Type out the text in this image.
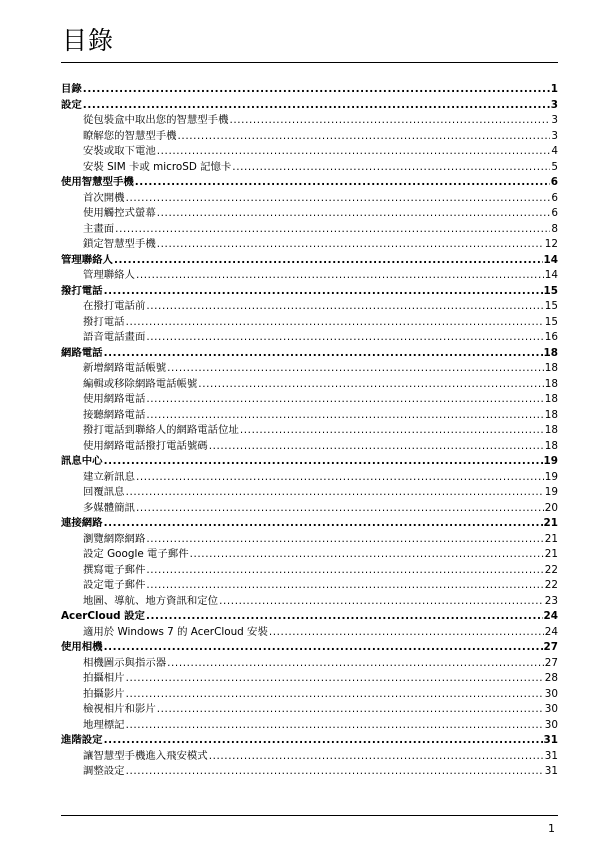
目錄
目錄 .....	1
設定 .....	3
從包裝盒中取出您的智慧型手機 .....	3
瞭解您的智慧型手機 .....	3
安裝或取下電池 .....	4
安裝 SIM 卡或 microSD 記憶卡 .....	5
使用智慧型手機 .....	6
首次開機 .....	6
使用觸控式螢幕 .....	6
主畫面 .....	8
鎖定智慧型手機 .....	12
管理聯絡人 .....	14
管理聯絡人 .....	14
撥打電話 .....	15
在撥打電話前 .....	15
撥打電話 .....	15
語音電話畫面 .....	16
網路電話 .....	18
新增網路電話帳號 .....	18
編輯或移除網路電話帳號 .....	18
使用網路電話 .....	18
接聽網路電話 .....	18
撥打電話到聯絡人的網路電話位址 .....	18
使用網路電話撥打電話號碼 .....	18
訊息中心 .....	19
建立新訊息 .....	19
回覆訊息 .....	19
多媒體簡訊 .....	20
連接網路 .....	21
瀏覽網際網路 .....	21
設定 Google 電子郵件 .....	21
撰寫電子郵件 .....	22
設定電子郵件 .....	22
地圖、導航、地方資訊和定位 .....	23
AcerCloud 設定 .....	24
適用於 Windows 7 的 AcerCloud 安裝 .....	24
使用相機 .....	27
相機圖示與指示器 .....	27
拍攝相片 .....	28
拍攝影片 .....	30
檢視相片和影片 .....	30
地理標記 .....	30
進階設定 .....	31
讓智慧型手機進入飛安模式 .....	31
調整設定 .....	31
1
